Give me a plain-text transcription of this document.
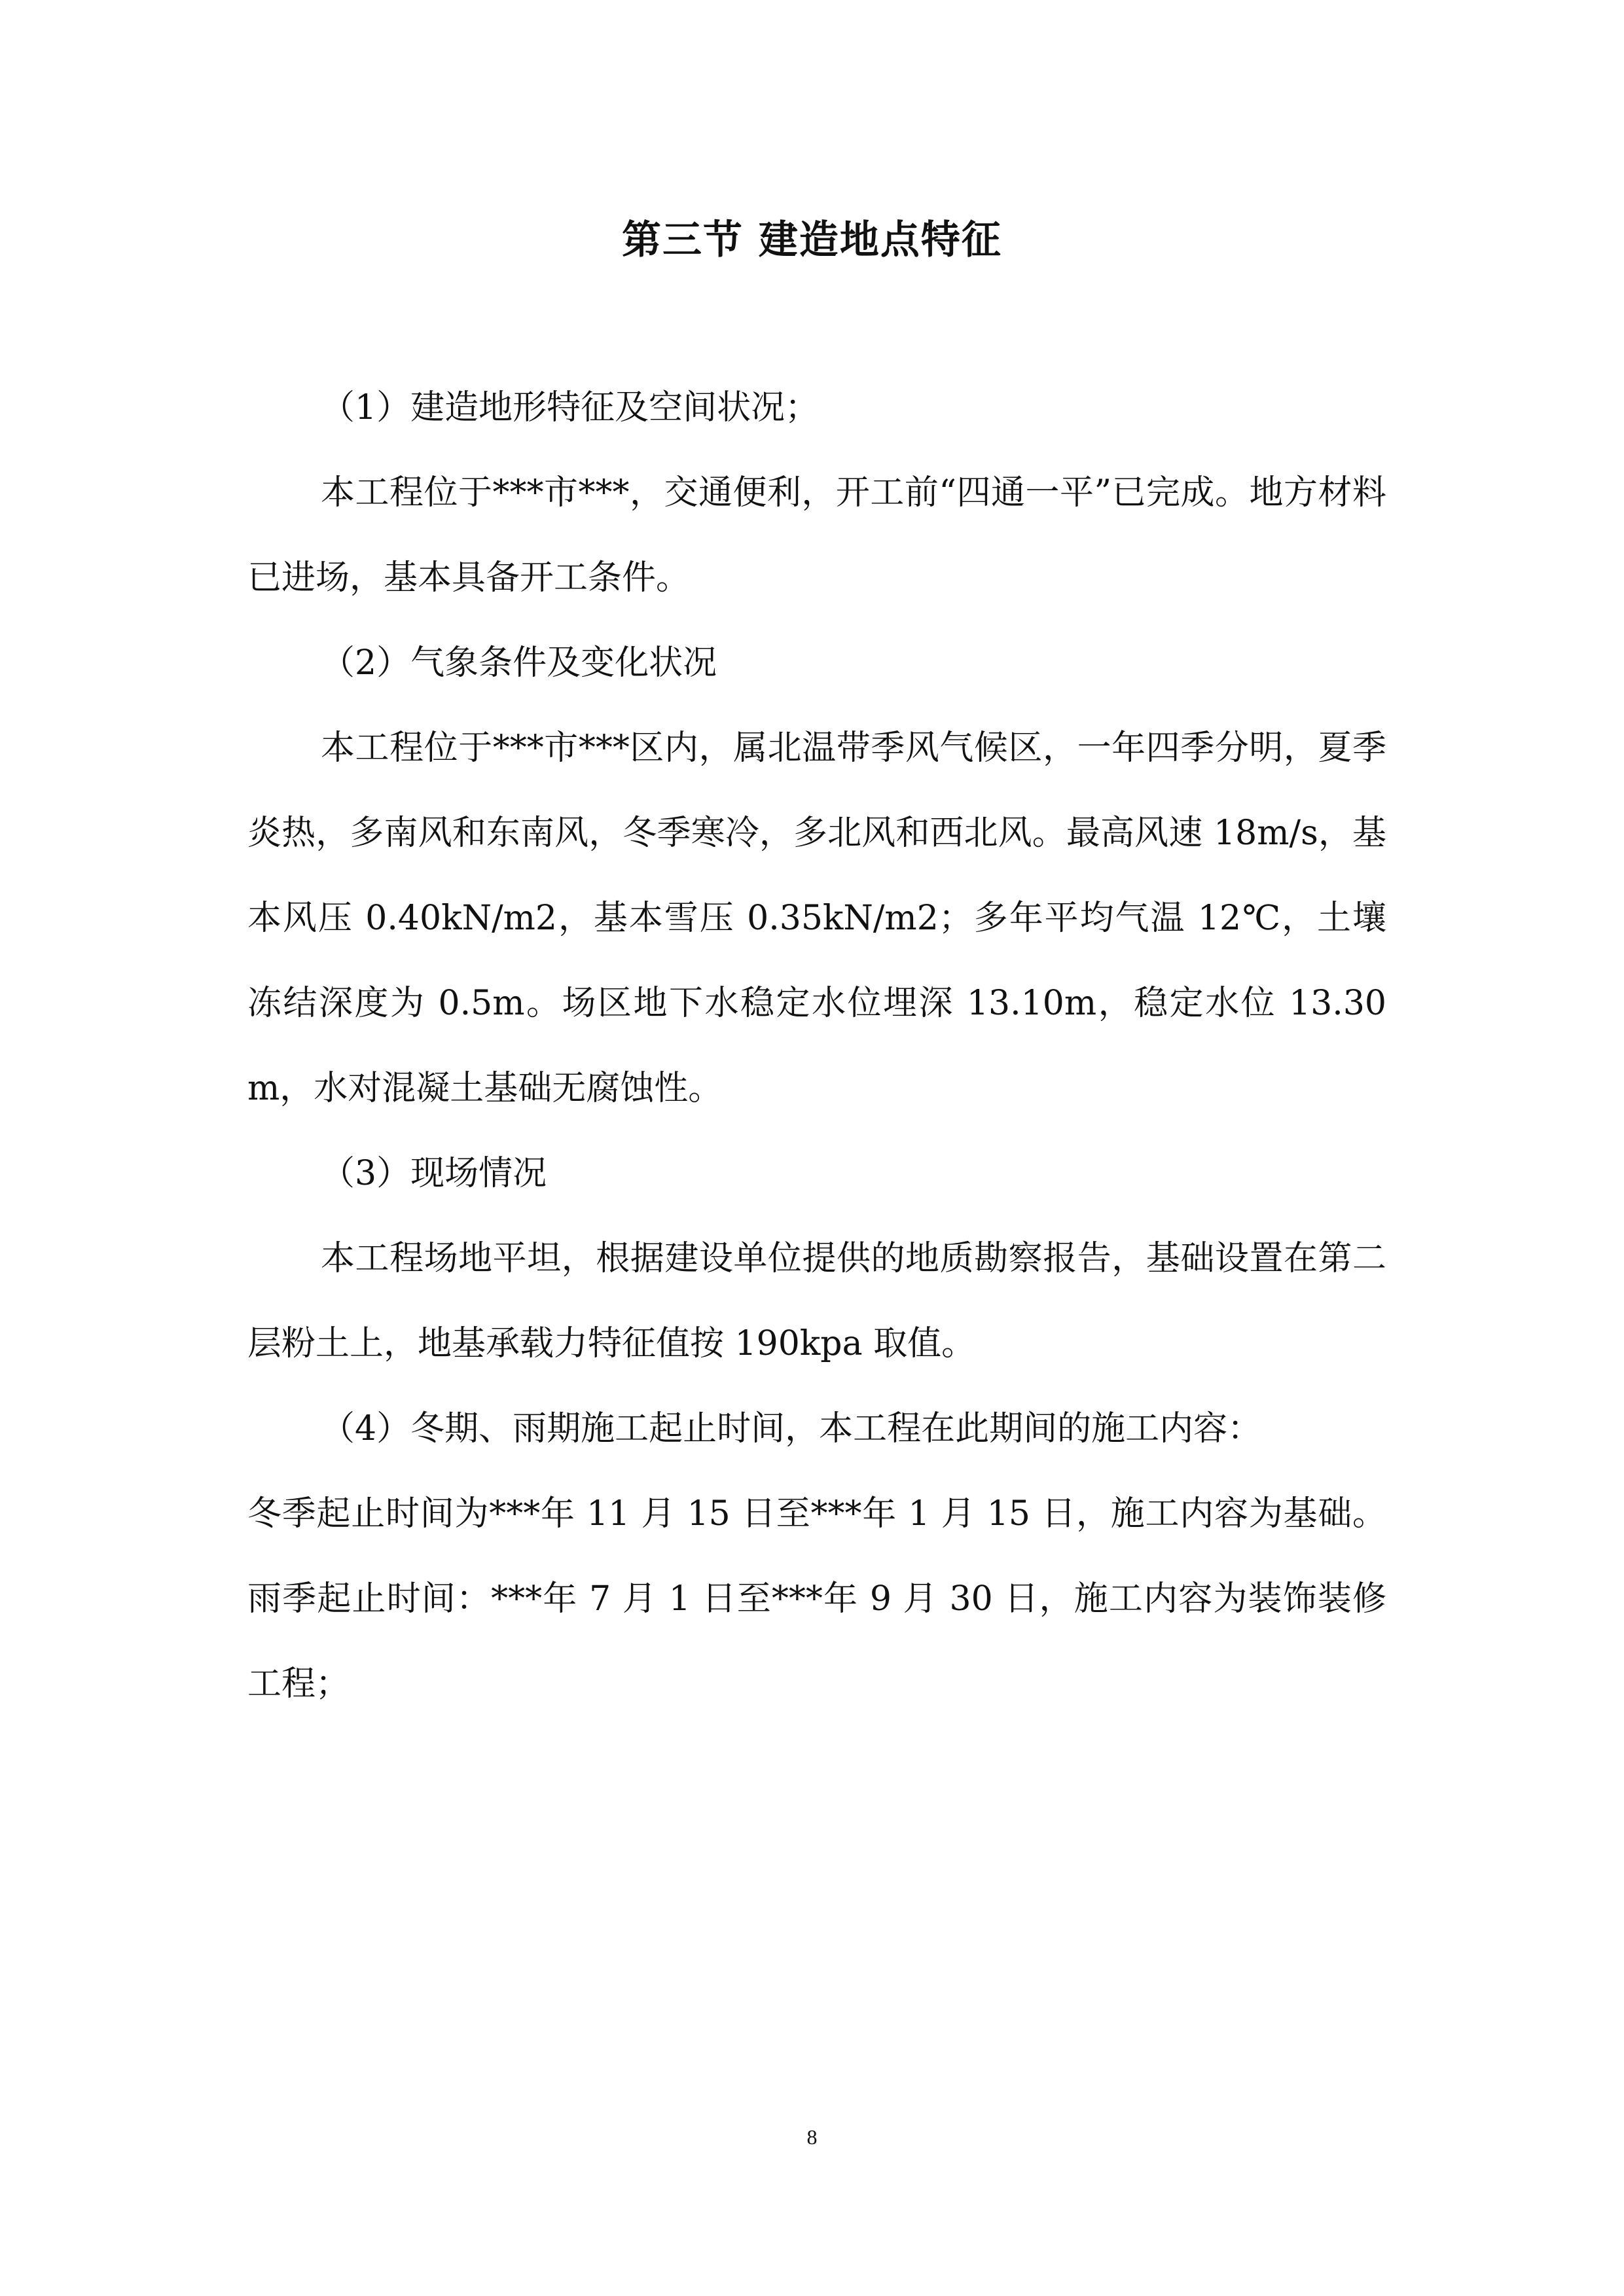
第三节 建造地点特征

（1）建造地形特征及空间状况；

本工程位于***市***，交通便利，开工前“四通一平”已完成。地方材料已进场，基本具备开工条件。

（2）气象条件及变化状况

本工程位于***市***区内，属北温带季风气候区，一年四季分明，夏季炎热，多南风和东南风，冬季寒冷，多北风和西北风。最高风速 18m/s，基本风压 0.40kN/m2，基本雪压 0.35kN/m2；多年平均气温 12℃，土壤冻结深度为 0.5m。场区地下水稳定水位埋深 13.10m，稳定水位 13.30m，水对混凝土基础无腐蚀性。

（3）现场情况

本工程场地平坦，根据建设单位提供的地质勘察报告，基础设置在第二层粉土上，地基承载力特征值按 190kpa 取值。

（4）冬期、雨期施工起止时间，本工程在此期间的施工内容：

冬季起止时间为***年 11 月 15 日至***年 1 月 15 日，施工内容为基础。雨季起止时间：***年 7 月 1 日至***年 9 月 30 日，施工内容为装饰装修工程；

8
